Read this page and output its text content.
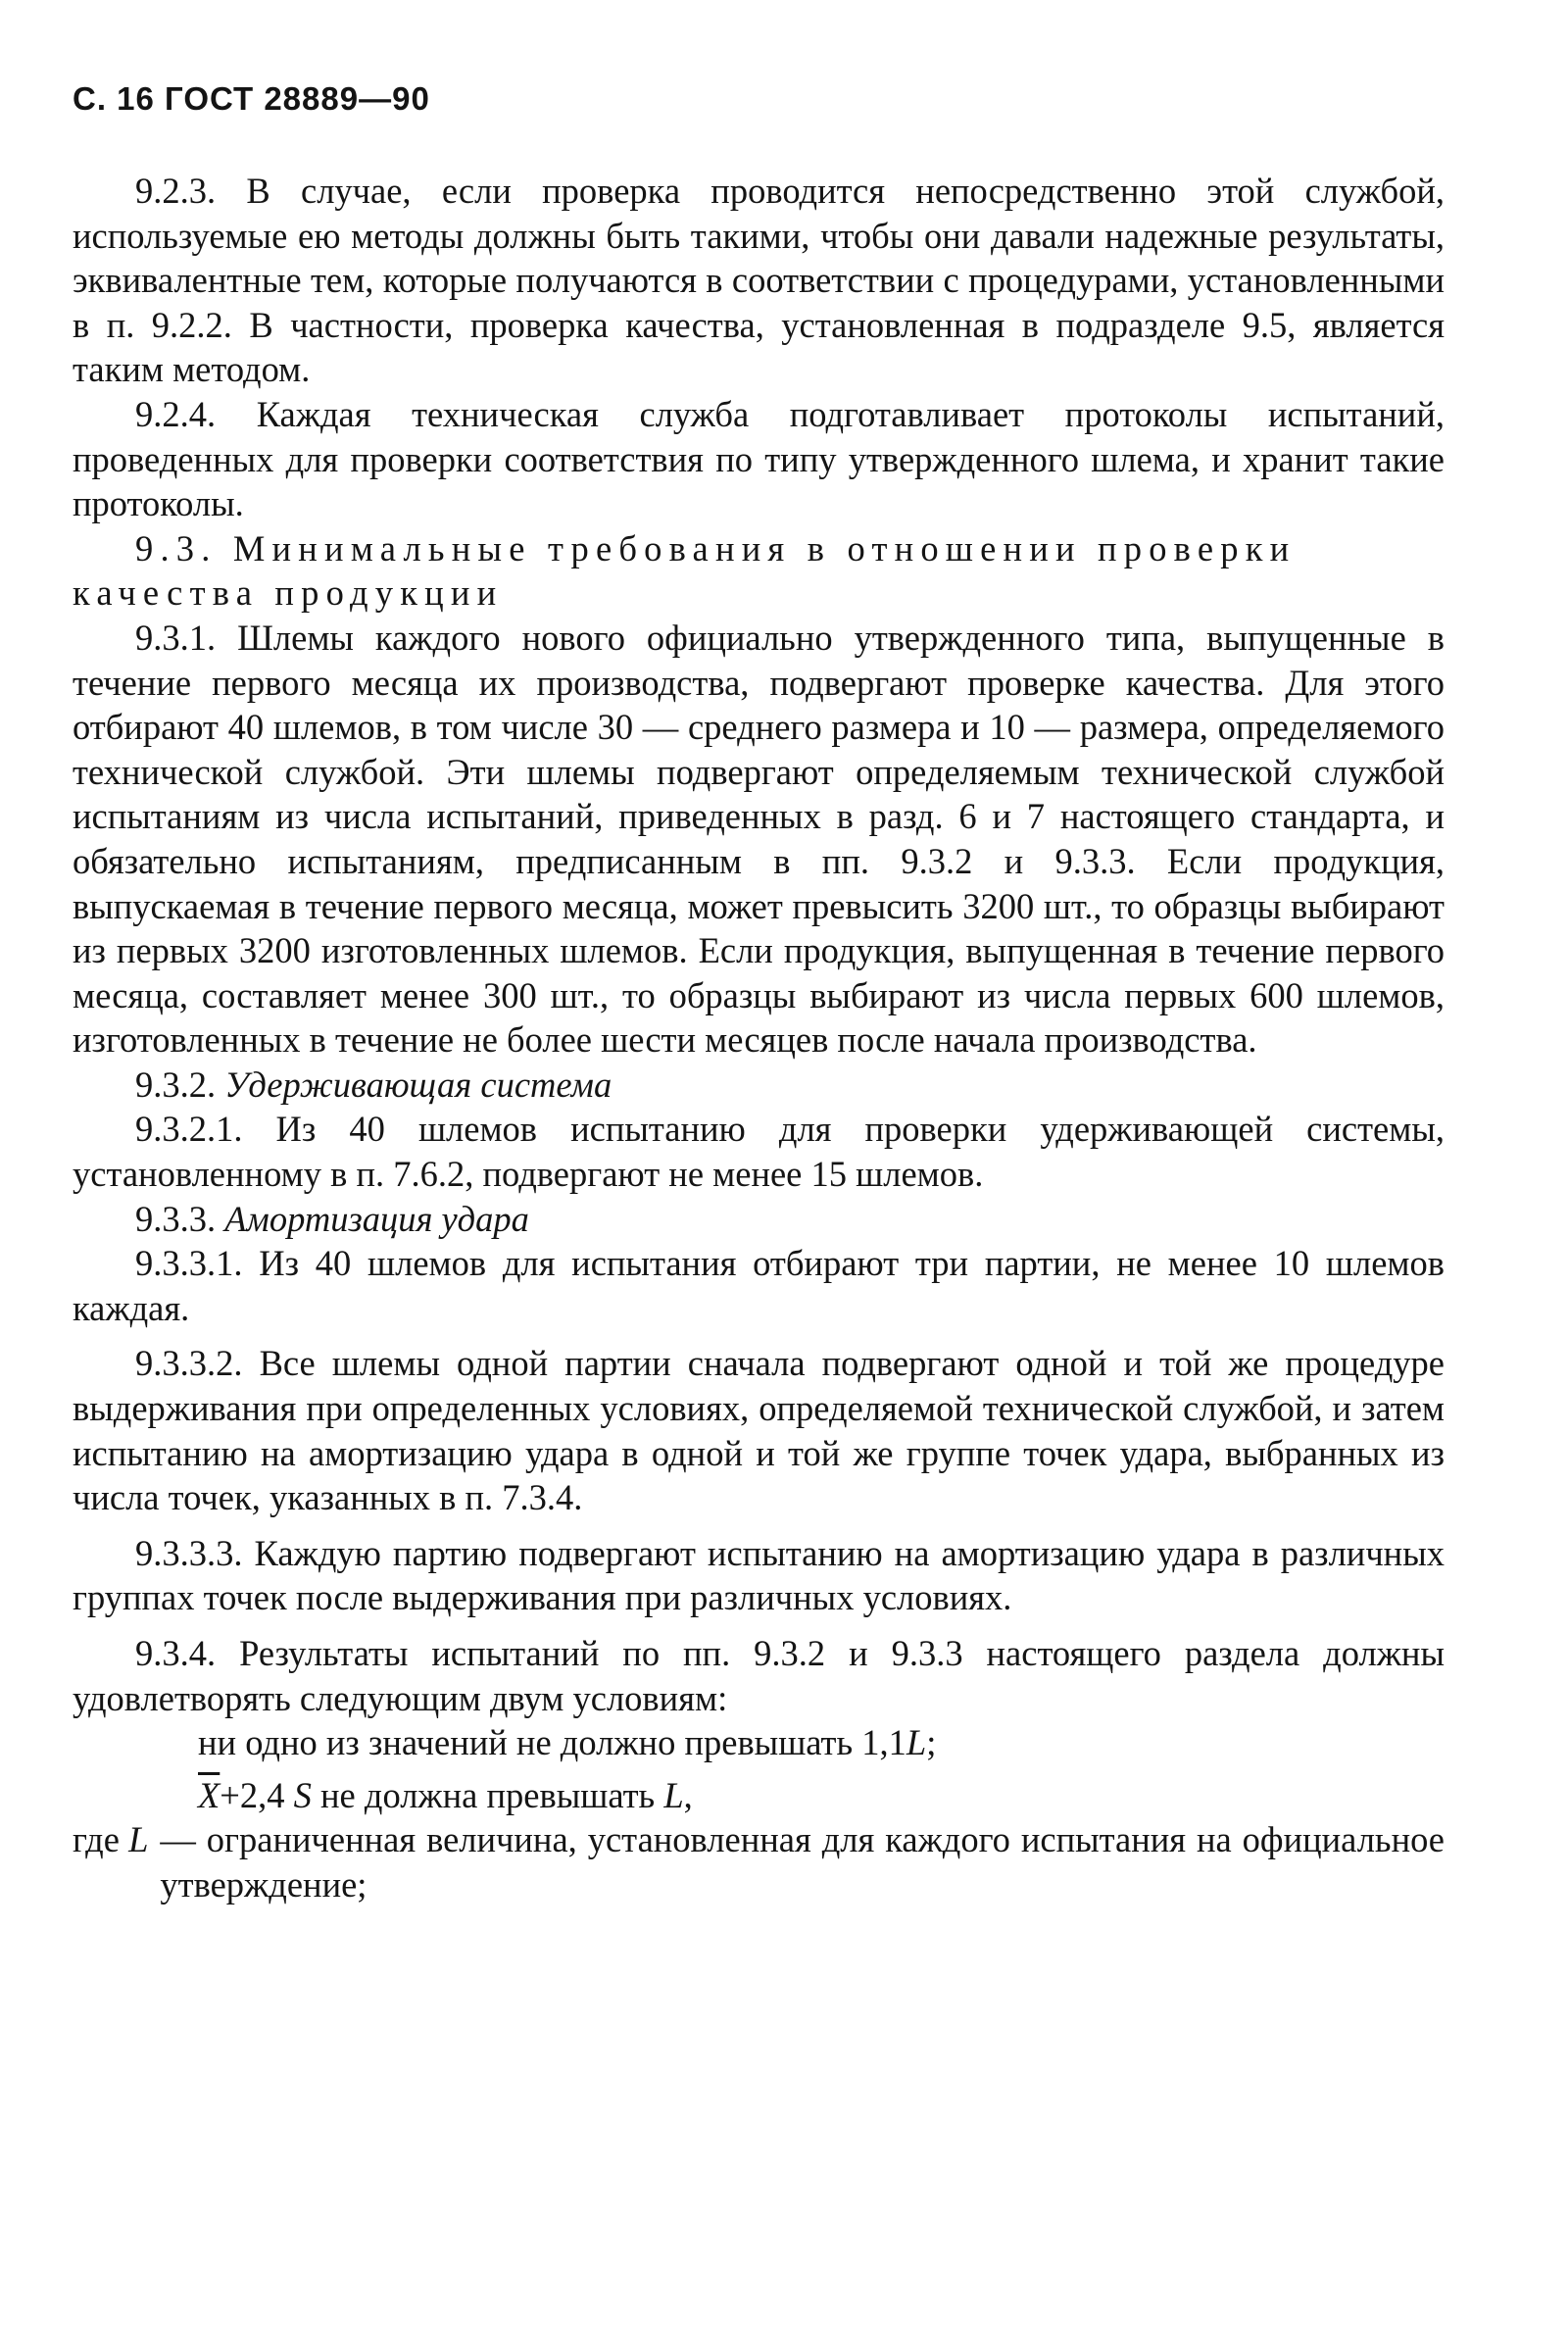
С. 16 ГОСТ 28889—90

9.2.3. В случае, если проверка проводится непосредственно этой службой, используемые ею методы должны быть такими, чтобы они давали надежные результаты, эквивалентные тем, которые получаются в соответствии с процедурами, установленными в п. 9.2.2. В частности, проверка качества, установленная в подразделе 9.5, является таким методом.

9.2.4. Каждая техническая служба подготавливает протоколы испытаний, проведенных для проверки соответствия по типу утвержденного шлема, и хранит такие протоколы.

9.3. Минимальные требования в отношении проверки качества продукции

9.3.1. Шлемы каждого нового официально утвержденного типа, выпущенные в течение первого месяца их производства, подвергают проверке качества. Для этого отбирают 40 шлемов, в том числе 30 — среднего размера и 10 — размера, определяемого технической службой. Эти шлемы подвергают определяемым технической службой испытаниям из числа испытаний, приведенных в разд. 6 и 7 настоящего стандарта, и обязательно испытаниям, предписанным в пп. 9.3.2 и 9.3.3. Если продукция, выпускаемая в течение первого месяца, может превысить 3200 шт., то образцы выбирают из первых 3200 изготовленных шлемов. Если продукция, выпущенная в течение первого месяца, составляет менее 300 шт., то образцы выбирают из числа первых 600 шлемов, изготовленных в течение не более шести месяцев после начала производства.

9.3.2. Удерживающая система

9.3.2.1. Из 40 шлемов испытанию для проверки удерживающей системы, установленному в п. 7.6.2, подвергают не менее 15 шлемов.

9.3.3. Амортизация удара

9.3.3.1. Из 40 шлемов для испытания отбирают три партии, не менее 10 шлемов каждая.

9.3.3.2. Все шлемы одной партии сначала подвергают одной и той же процедуре выдерживания при определенных условиях, определяемой технической службой, и затем испытанию на амортизацию удара в одной и той же группе точек удара, выбранных из числа точек, указанных в п. 7.3.4.

9.3.3.3. Каждую партию подвергают испытанию на амортизацию удара в различных группах точек после выдерживания при различных условиях.

9.3.4. Результаты испытаний по пп. 9.3.2 и 9.3.3 настоящего раздела должны удовлетворять следующим двум условиям:

ни одно из значений не должно превышать 1,1L;

$\overline{X}+2,4$ S не должна превышать L,

где L — ограниченная величина, установленная для каждого испытания на официальное утверждение;
